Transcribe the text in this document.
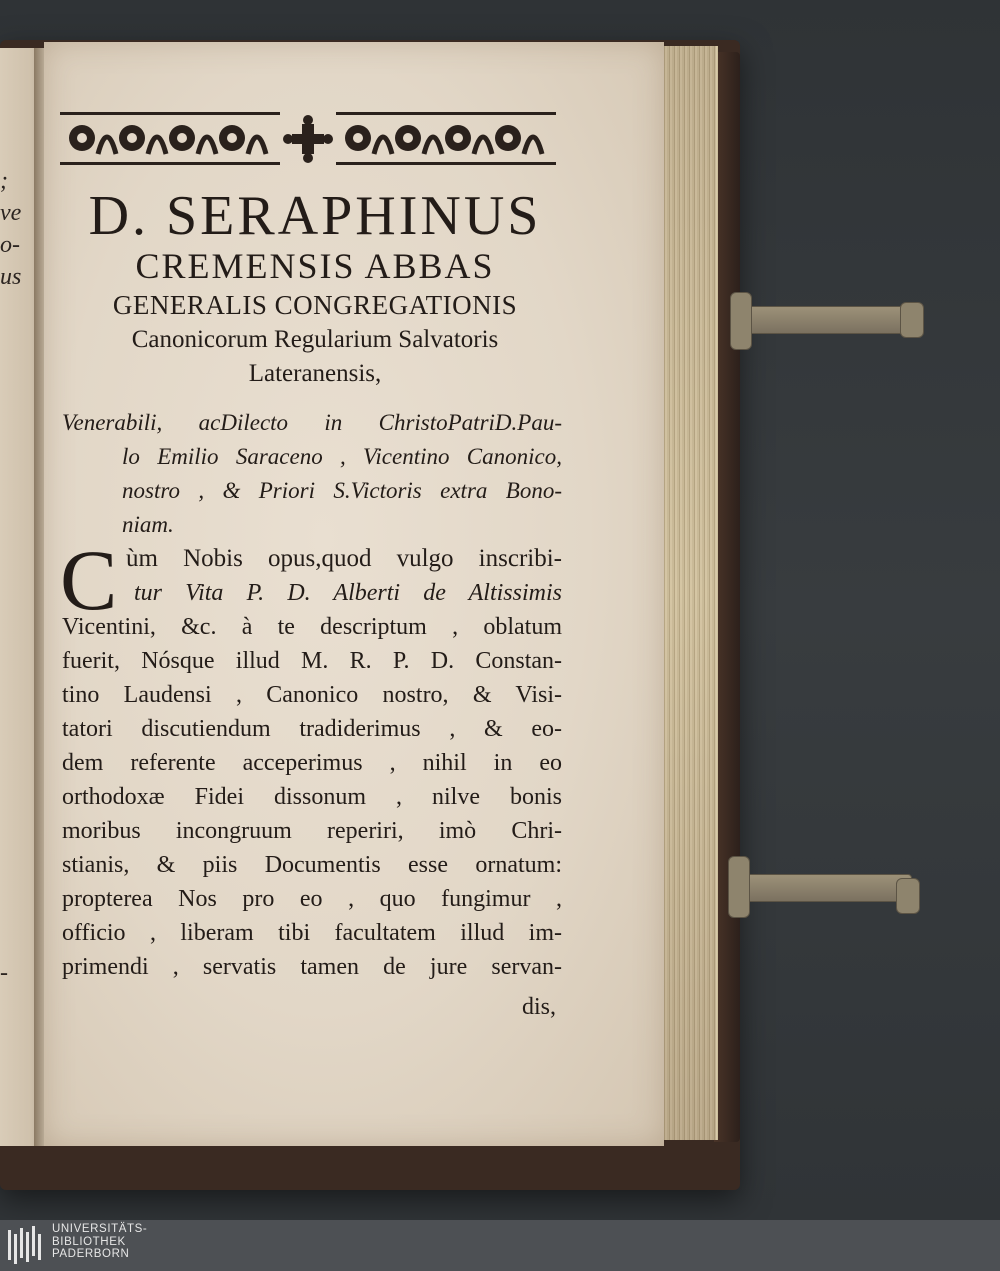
;
ve
o-
us
-
D. SERAPHINUS
CREMENSIS ABBAS
GENERALIS CONGREGATIONIS
Canonicorum Regularium Salvatoris
Lateranensis,
Venerabili, acDilecto in ChristoPatriD.Pau-
lo Emilio Saraceno , Vicentino Canonico,
nostro , & Priori S.Victoris extra Bono-
niam.
C ùm Nobis opus,quod vulgo inscribi-
tur Vita P. D. Alberti de Altissimis
Vicentini, &c. à te descriptum , oblatum
fuerit, Nósque illud M. R. P. D. Constan-
tino Laudensi , Canonico nostro, & Visi-
tatori discutiendum tradiderimus , & eo-
dem referente acceperimus , nihil in eo
orthodoxæ Fidei dissonum , nilve bonis
moribus incongruum reperiri, imò Chri-
stianis, & piis Documentis esse ornatum:
propterea Nos pro eo , quo fungimur ,
officio , liberam tibi facultatem illud im-
primendi , servatis tamen de jure servan-
dis,
UNIVERSITÄTS-
BIBLIOTHEK
PADERBORN
